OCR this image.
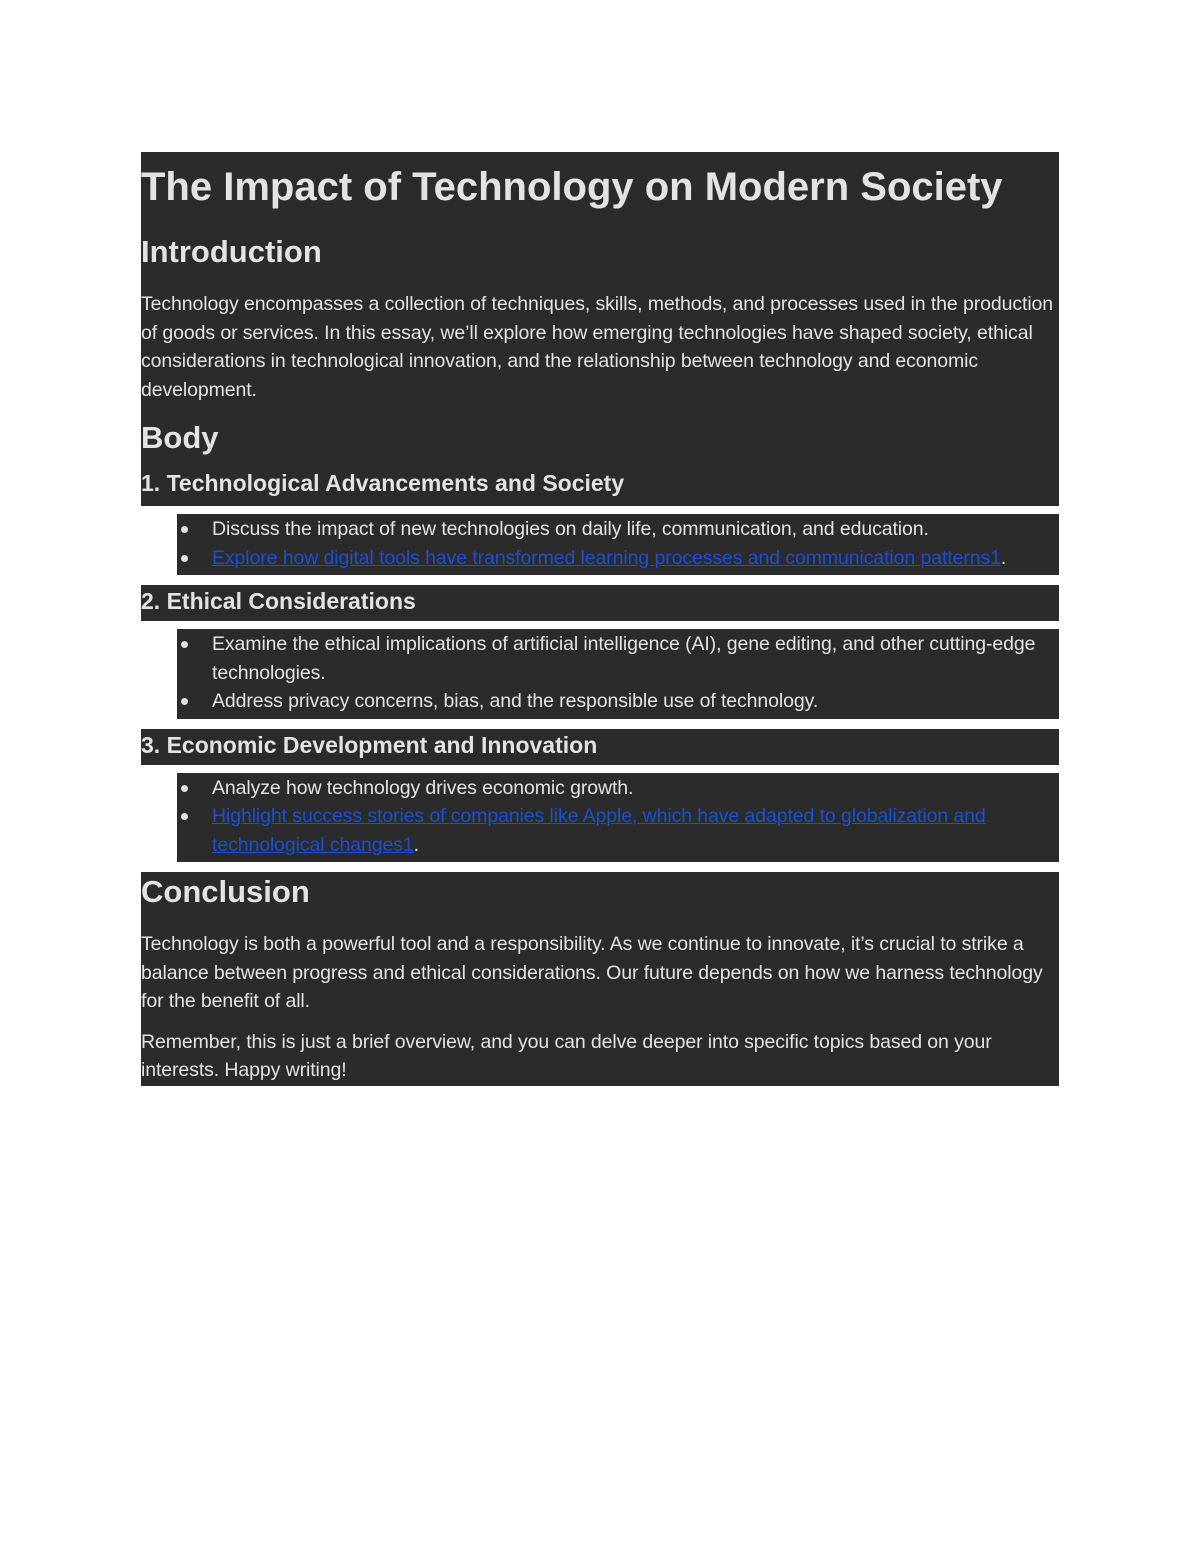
The Impact of Technology on Modern Society
Introduction

Technology encompasses a collection of techniques, skills, methods, and processes used in the production of goods or services. In this essay, we’ll explore how emerging technologies have shaped society, ethical considerations in technological innovation, and the relationship between technology and economic development.

Body
1. Technological Advancements and Society
Discuss the impact of new technologies on daily life, communication, and education.
Explore how digital tools have transformed learning processes and communication patterns1.
2. Ethical Considerations
Examine the ethical implications of artificial intelligence (AI), gene editing, and other cutting-edge technologies.
Address privacy concerns, bias, and the responsible use of technology.
3. Economic Development and Innovation
Analyze how technology drives economic growth.
Highlight success stories of companies like Apple, which have adapted to globalization and technological changes1.
Conclusion

Technology is both a powerful tool and a responsibility. As we continue to innovate, it’s crucial to strike a balance between progress and ethical considerations. Our future depends on how we harness technology for the benefit of all.

Remember, this is just a brief overview, and you can delve deeper into specific topics based on your interests. Happy writing!
